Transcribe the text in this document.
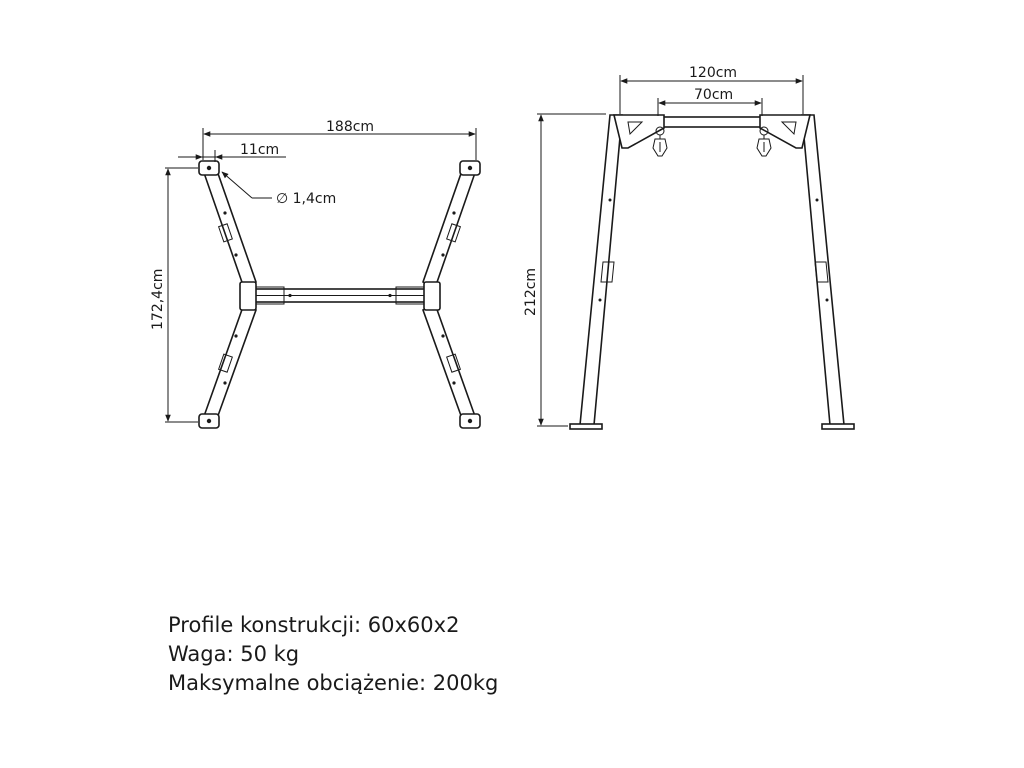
188cm
11cm
∅ 1,4cm
172,4cm
120cm
70cm
212cm
Profile konstrukcji: 60x60x2
Waga: 50 kg
Maksymalne obciążenie: 200kg
